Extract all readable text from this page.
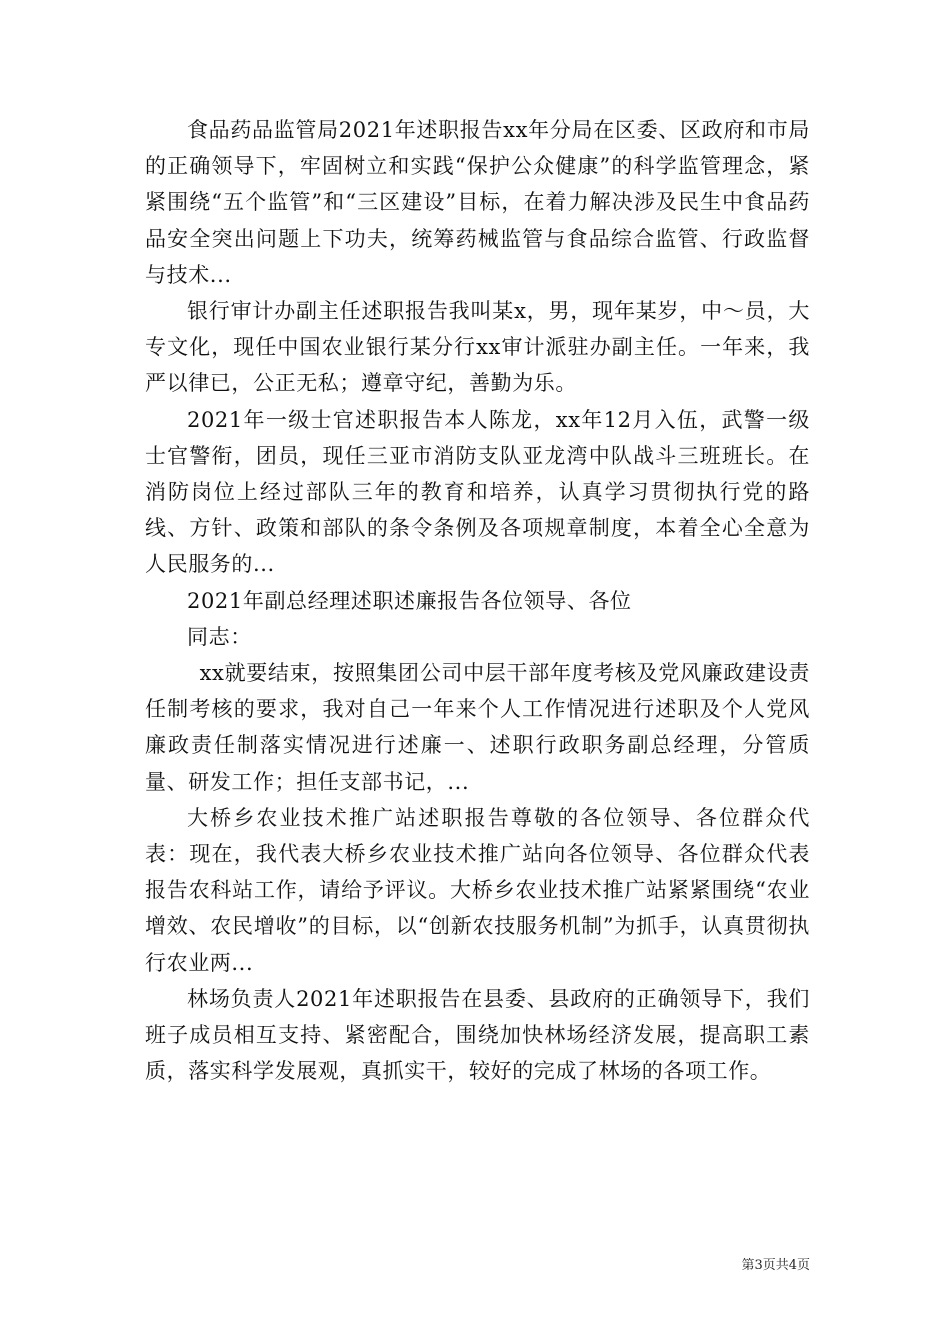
食品药品监管局2021年述职报告xx年分局在区委、区政府和市局的正确领导下，牢固树立和实践“保护公众健康”的科学监管理念，紧紧围绕“五个监管”和“三区建设”目标，在着力解决涉及民生中食品药品安全突出问题上下功夫，统筹药械监管与食品综合监管、行政监督与技术...

银行审计办副主任述职报告我叫某x，男，现年某岁，中～员，大专文化，现任中国农业银行某分行xx审计派驻办副主任。一年来，我严以律已，公正无私；遵章守纪，善勤为乐。

2021年一级士官述职报告本人陈龙，xx年12月入伍，武警一级士官警衔，团员，现任三亚市消防支队亚龙湾中队战斗三班班长。在消防岗位上经过部队三年的教育和培养，认真学习贯彻执行党的路线、方针、政策和部队的条令条例及各项规章制度，本着全心全意为人民服务的...

2021年副总经理述职述廉报告各位领导、各位

同志：

xx就要结束，按照集团公司中层干部年度考核及党风廉政建设责任制考核的要求，我对自己一年来个人工作情况进行述职及个人党风廉政责任制落实情况进行述廉一、述职行政职务副总经理，分管质量、研发工作；担任支部书记，...

大桥乡农业技术推广站述职报告尊敬的各位领导、各位群众代表：现在，我代表大桥乡农业技术推广站向各位领导、各位群众代表报告农科站工作，请给予评议。大桥乡农业技术推广站紧紧围绕“农业增效、农民增收”的目标，以“创新农技服务机制”为抓手，认真贯彻执行农业两...

林场负责人2021年述职报告在县委、县政府的正确领导下，我们班子成员相互支持、紧密配合，围绕加快林场经济发展，提高职工素质，落实科学发展观，真抓实干，较好的完成了林场的各项工作。

第3页共4页
